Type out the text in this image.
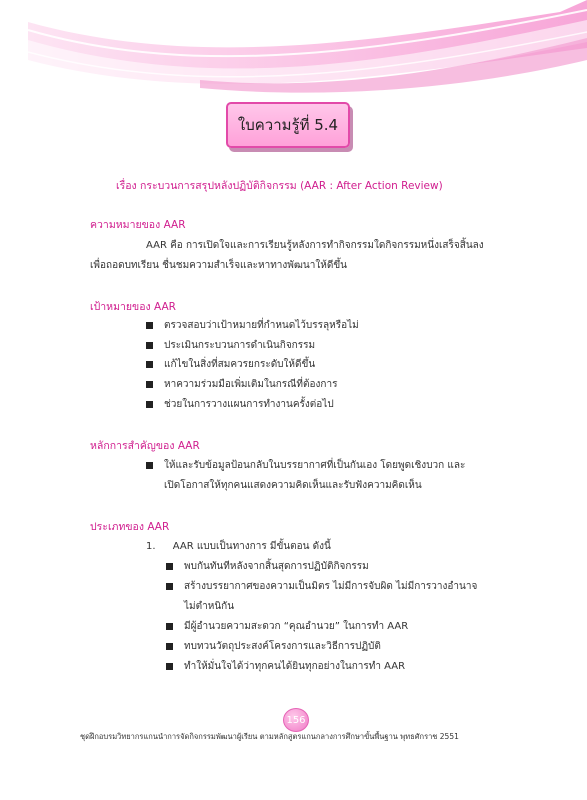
ใบความรู้ที่ 5.4
เรื่อง กระบวนการสรุปหลังปฏิบัติกิจกรรม (AAR : After Action Review)
ความหมายของ AAR
AAR คือ การเปิดใจและการเรียนรู้หลังการทำกิจกรรมใดกิจกรรมหนึ่งเสร็จสิ้นลง
เพื่อถอดบทเรียน ชื่นชมความสำเร็จและหาทางพัฒนาให้ดีขึ้น
เป้าหมายของ AAR
ตรวจสอบว่าเป้าหมายที่กำหนดไว้บรรลุหรือไม่
ประเมินกระบวนการดำเนินกิจกรรม
แก้ไขในสิ่งที่สมควรยกระดับให้ดีขึ้น
หาความร่วมมือเพิ่มเติมในกรณีที่ต้องการ
ช่วยในการวางแผนการทำงานครั้งต่อไป
หลักการสำคัญของ AAR
ให้และรับข้อมูลป้อนกลับในบรรยากาศที่เป็นกันเอง โดยพูดเชิงบวก และ
เปิดโอกาสให้ทุกคนแสดงความคิดเห็นและรับฟังความคิดเห็น
ประเภทของ AAR
1. AAR แบบเป็นทางการ มีขั้นตอน ดังนี้
พบกันทันทีหลังจากสิ้นสุดการปฏิบัติกิจกรรม
สร้างบรรยากาศของความเป็นมิตร ไม่มีการจับผิด ไม่มีการวางอำนาจ
ไม่ตำหนิกัน
มีผู้อำนวยความสะดวก “คุณอำนวย” ในการทำ AAR
ทบทวนวัตถุประสงค์โครงการและวิธีการปฏิบัติ
ทำให้มั่นใจได้ว่าทุกคนได้ยินทุกอย่างในการทำ AAR
156
ชุดฝึกอบรมวิทยากรแกนนำการจัดกิจกรรมพัฒนาผู้เรียน ตามหลักสูตรแกนกลางการศึกษาขั้นพื้นฐาน พุทธศักราช 2551
